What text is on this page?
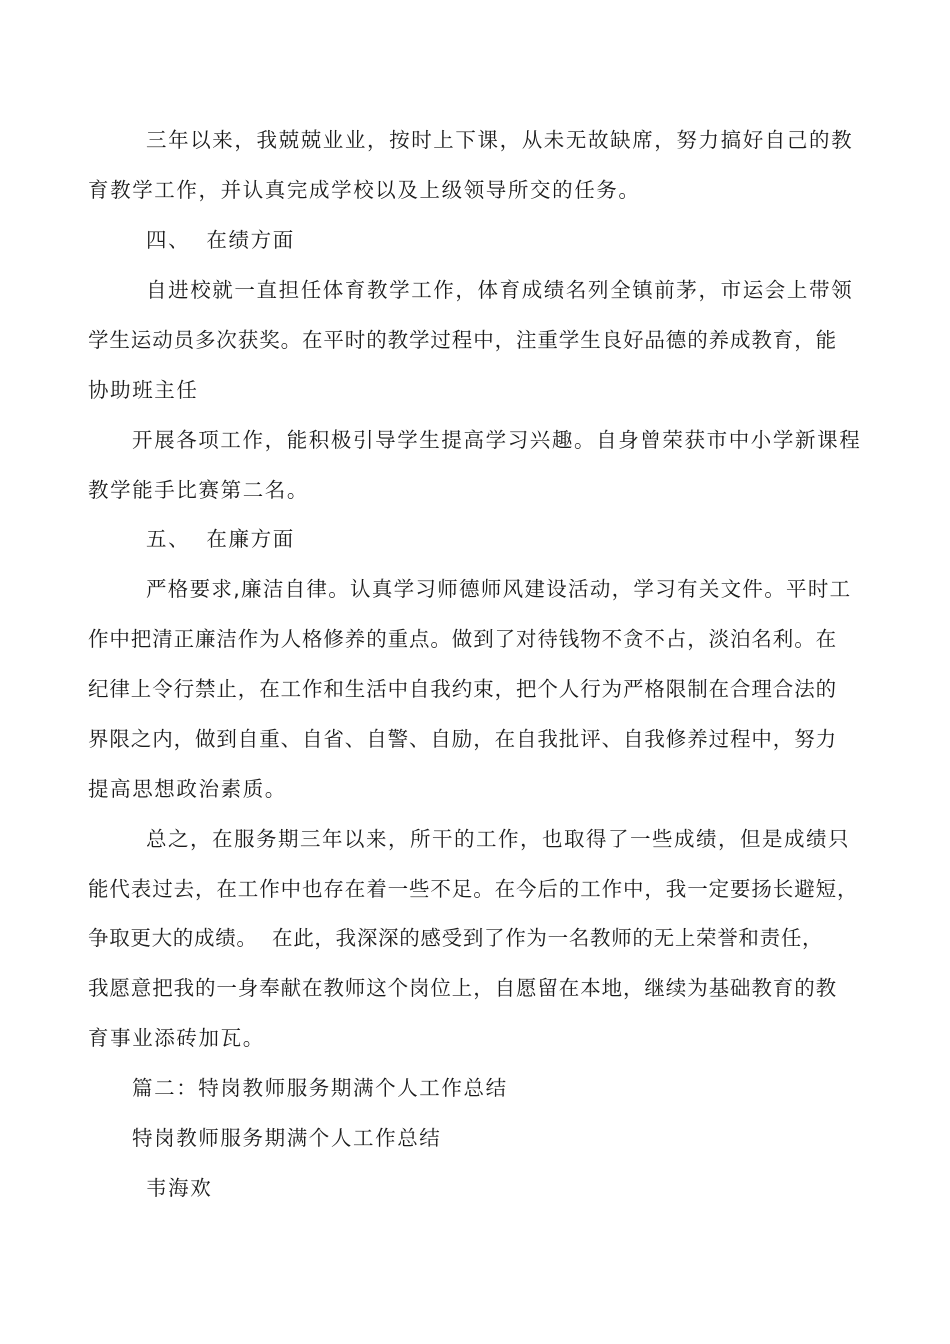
三年以来，我兢兢业业，按时上下课，从未无故缺席，努力搞好自己的教
育教学工作，并认真完成学校以及上级领导所交的任务。
四、  在绩方面
自进校就一直担任体育教学工作，体育成绩名列全镇前茅，市运会上带领
学生运动员多次获奖。在平时的教学过程中，注重学生良好品德的养成教育，能
协助班主任
开展各项工作，能积极引导学生提高学习兴趣。自身曾荣获市中小学新课程
教学能手比赛第二名。
五、  在廉方面
严格要求,廉洁自律。认真学习师德师风建设活动，学习有关文件。平时工
作中把清正廉洁作为人格修养的重点。做到了对待钱物不贪不占，淡泊名利。在
纪律上令行禁止，在工作和生活中自我约束，把个人行为严格限制在合理合法的
界限之内，做到自重、自省、自警、自励，在自我批评、自我修养过程中，努力
提高思想政治素质。
总之，在服务期三年以来，所干的工作，也取得了一些成绩，但是成绩只
能代表过去，在工作中也存在着一些不足。在今后的工作中，我一定要扬长避短，
争取更大的成绩。  在此，我深深的感受到了作为一名教师的无上荣誉和责任，
我愿意把我的一身奉献在教师这个岗位上，自愿留在本地，继续为基础教育的教
育事业添砖加瓦。
篇二：特岗教师服务期满个人工作总结
特岗教师服务期满个人工作总结
韦海欢
